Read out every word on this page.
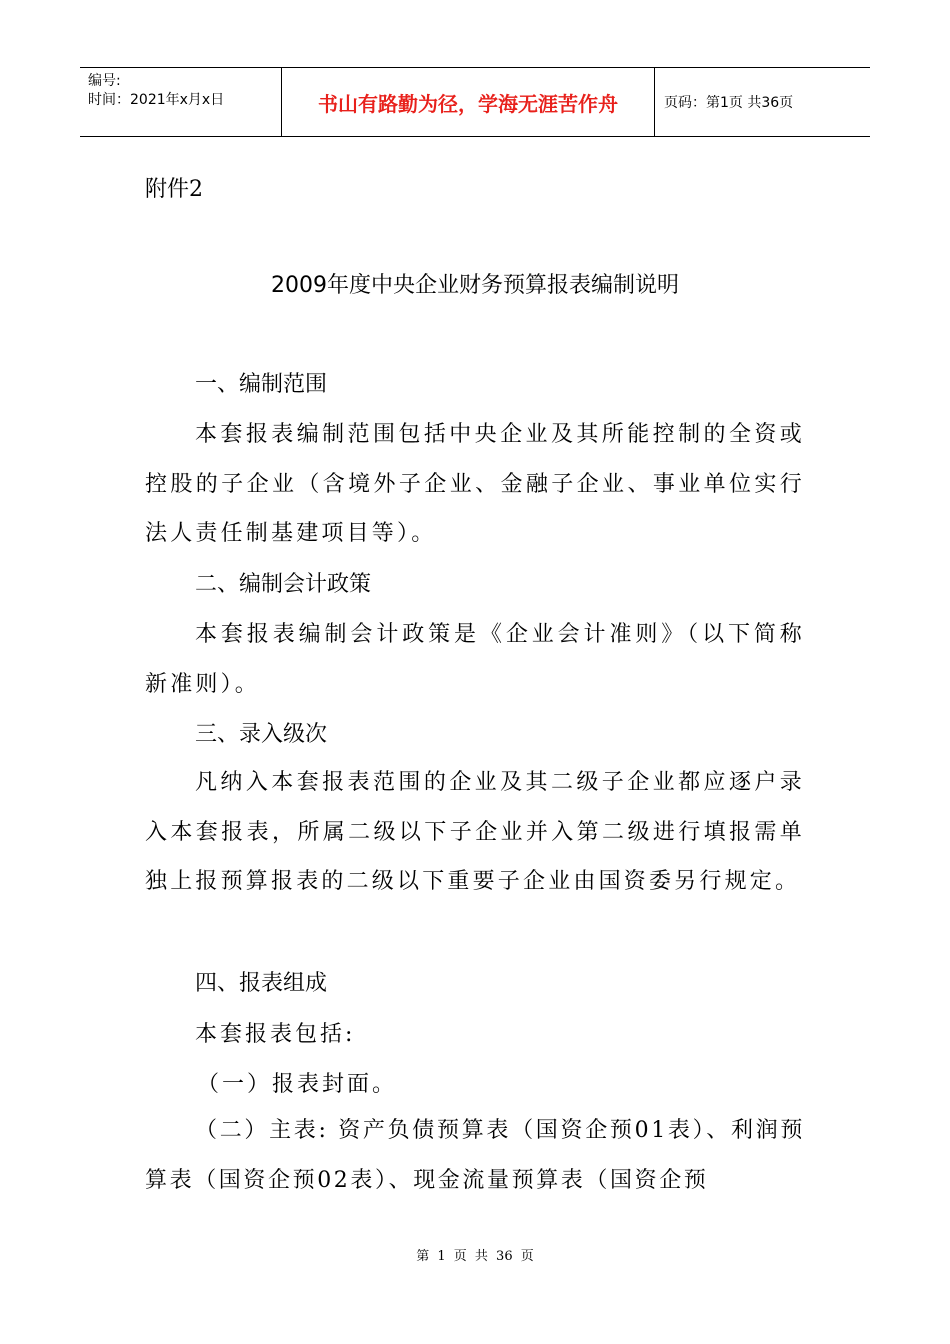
编号:
时间：2021年x月x日	书山有路勤为径，学海无涯苦作舟	页码：第1页 共36页
附件2
2009年度中央企业财务预算报表编制说明
一、编制范围
本套报表编制范围包括中央企业及其所能控制的全资或控股的子企业（含境外子企业、金融子企业、事业单位实行法人责任制基建项目等）。
二、编制会计政策
本套报表编制会计政策是《企业会计准则》（以下简称新准则）。
三、录入级次
凡纳入本套报表范围的企业及其二级子企业都应逐户录入本套报表，所属二级以下子企业并入第二级进行填报需单独上报预算报表的二级以下重要子企业由国资委另行规定。
四、报表组成
本套报表包括:
（一）报表封面。
（二）主表: 资产负债预算表（国资企预01表）、利润预算表（国资企预02表）、现金流量预算表（国资企预
第 1 页 共 36 页
